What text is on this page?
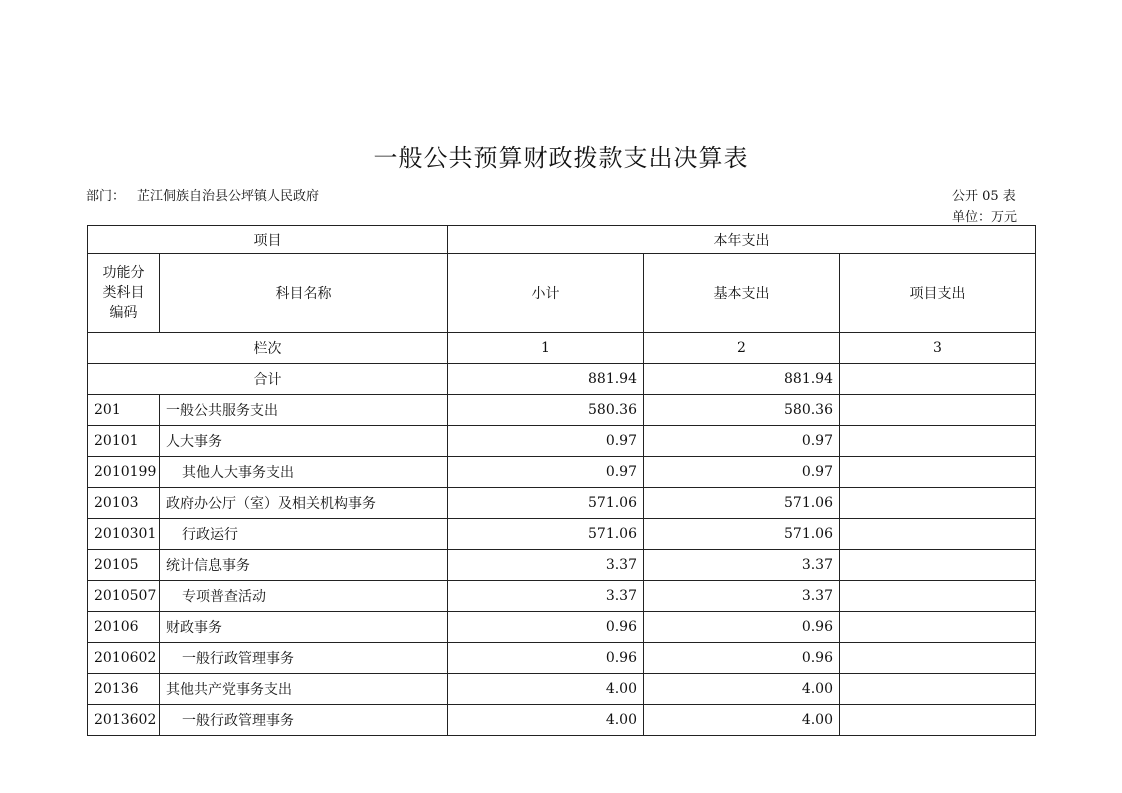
一般公共预算财政拨款支出决算表
部门： 芷江侗族自治县公坪镇人民政府	公开 05 表
单位：万元
项目		本年支出		

功能分
类科目
编码	科目名称	小计	基本支出	项目支出
栏次		1	2	3
合计		881.94	881.94	
201	一般公共服务支出	580.36	580.36	
20101	人大事务	0.97	0.97	
2010199	其他人大事务支出	0.97	0.97	
20103	政府办公厅（室）及相关机构事务	571.06	571.06	
2010301	行政运行	571.06	571.06	
20105	统计信息事务	3.37	3.37	
2010507	专项普查活动	3.37	3.37	
20106	财政事务	0.96	0.96	
2010602	一般行政管理事务	0.96	0.96	
20136	其他共产党事务支出	4.00	4.00	
2013602	一般行政管理事务	4.00	4.00	
